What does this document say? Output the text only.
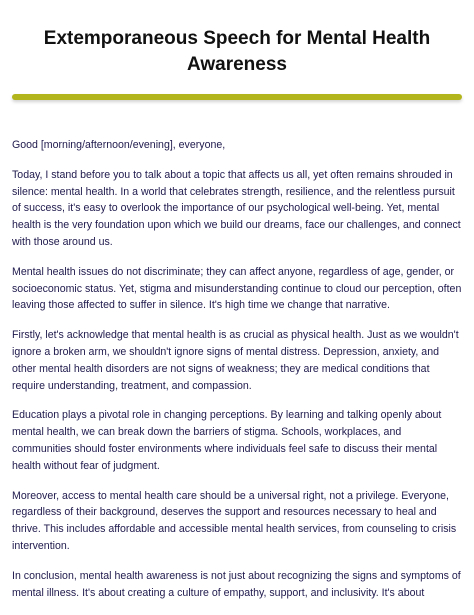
Extemporaneous Speech for Mental Health
Awareness

Good [morning/afternoon/evening], everyone,

Today, I stand before you to talk about a topic that affects us all, yet often remains shrouded in silence: mental health. In a world that celebrates strength, resilience, and the relentless pursuit of success, it's easy to overlook the importance of our psychological well-being. Yet, mental health is the very foundation upon which we build our dreams, face our challenges, and connect with those around us.

Mental health issues do not discriminate; they can affect anyone, regardless of age, gender, or socioeconomic status. Yet, stigma and misunderstanding continue to cloud our perception, often leaving those affected to suffer in silence. It's high time we change that narrative.

Firstly, let's acknowledge that mental health is as crucial as physical health. Just as we wouldn't ignore a broken arm, we shouldn't ignore signs of mental distress. Depression, anxiety, and other mental health disorders are not signs of weakness; they are medical conditions that require understanding, treatment, and compassion.

Education plays a pivotal role in changing perceptions. By learning and talking openly about mental health, we can break down the barriers of stigma. Schools, workplaces, and communities should foster environments where individuals feel safe to discuss their mental health without fear of judgment.

Moreover, access to mental health care should be a universal right, not a privilege. Everyone, regardless of their background, deserves the support and resources necessary to heal and thrive. This includes affordable and accessible mental health services, from counseling to crisis intervention.

In conclusion, mental health awareness is not just about recognizing the signs and symptoms of mental illness. It's about creating a culture of empathy, support, and inclusivity. It's about
